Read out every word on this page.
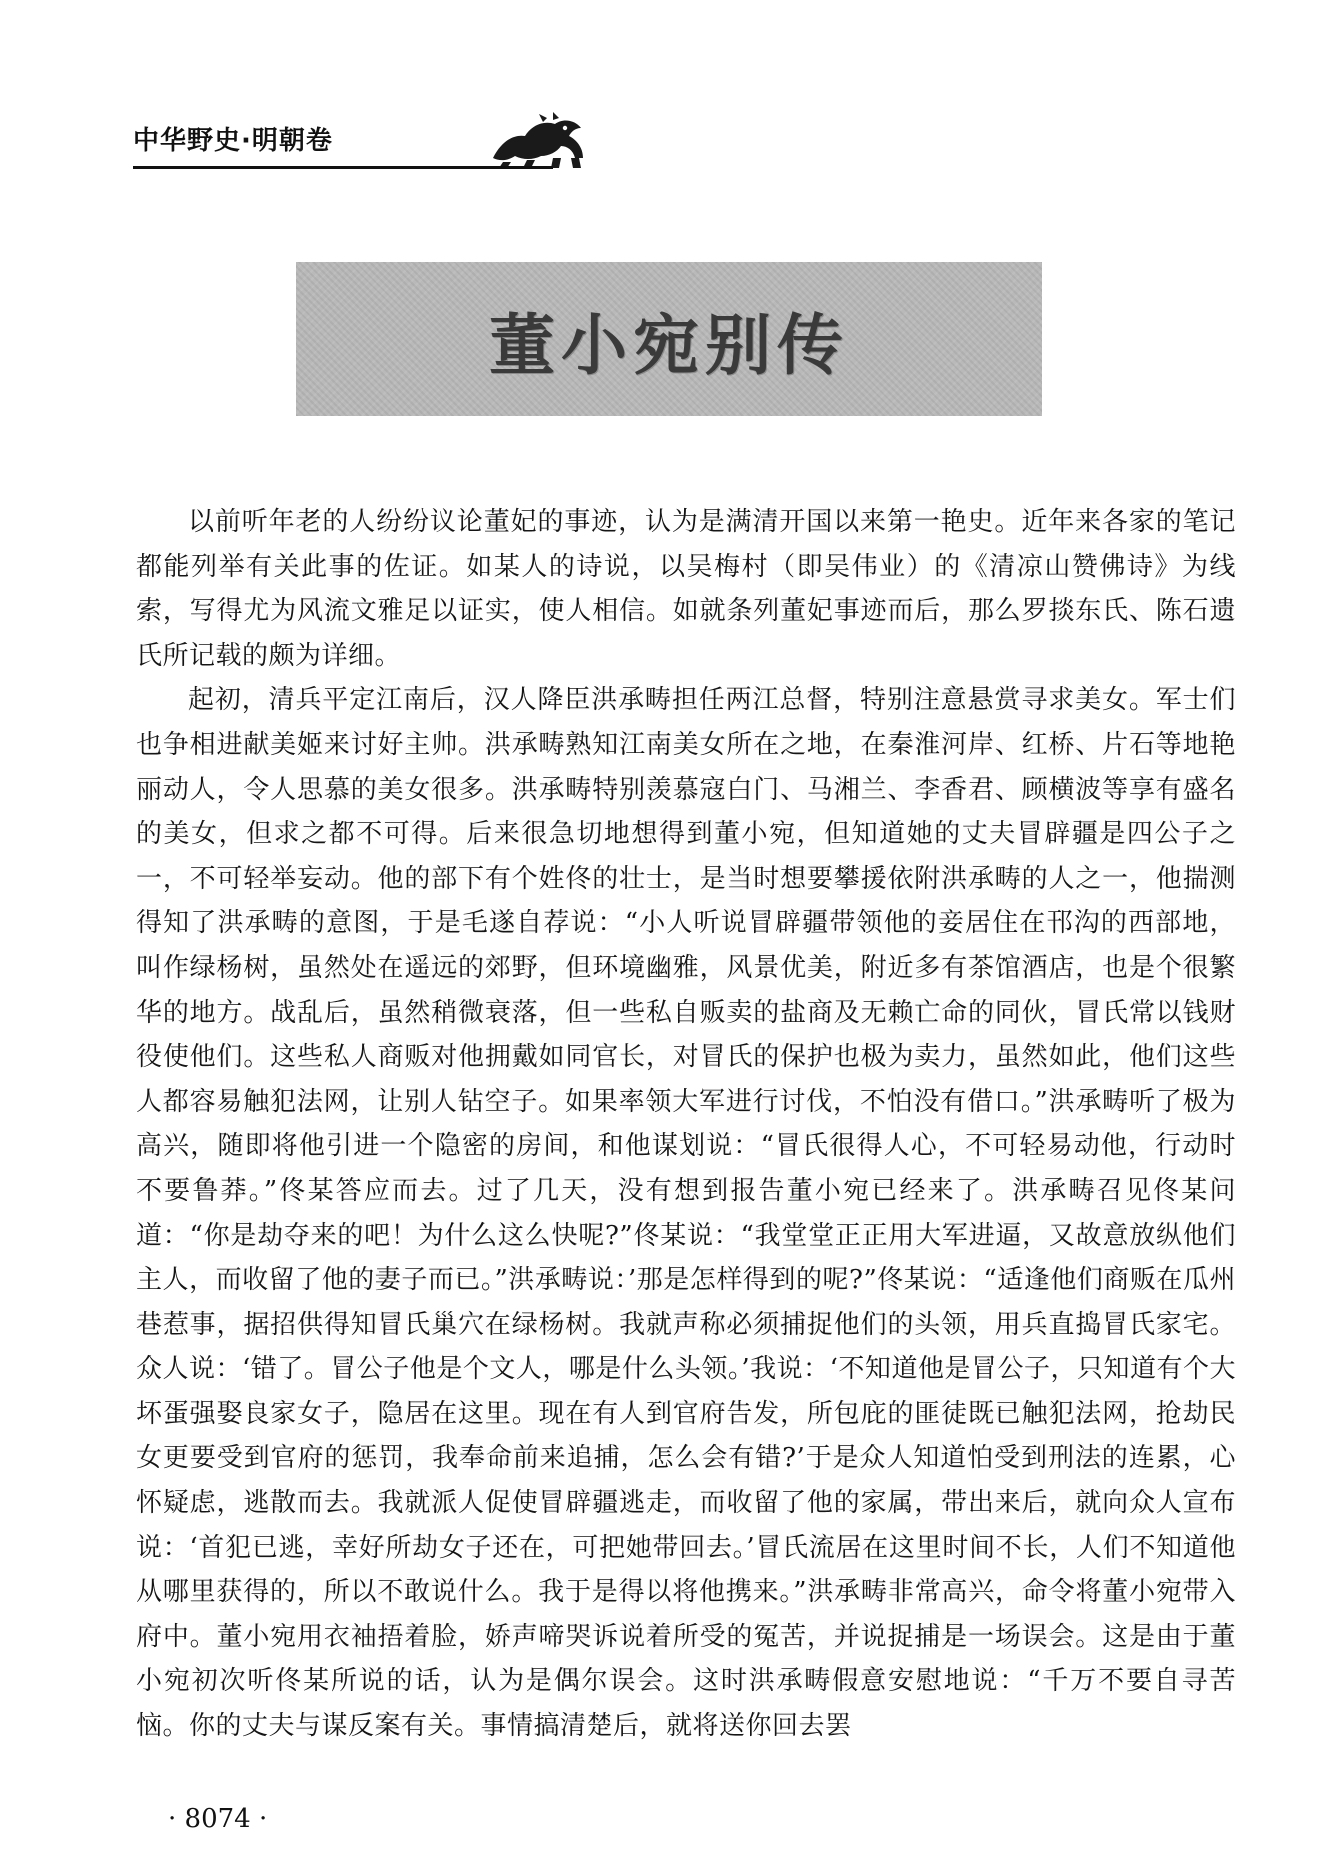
中华野史·明朝卷
董小宛别传

以前听年老的人纷纷议论董妃的事迹，认为是满清开国以来第一艳史。近年来各家的笔记都能列举有关此事的佐证。如某人的诗说，以吴梅村（即吴伟业）的《清凉山赞佛诗》为线索，写得尤为风流文雅足以证实，使人相信。如就条列董妃事迹而后，那么罗掞东氏、陈石遗氏所记载的颇为详细。

起初，清兵平定江南后，汉人降臣洪承畴担任两江总督，特别注意悬赏寻求美女。军士们也争相进献美姬来讨好主帅。洪承畴熟知江南美女所在之地，在秦淮河岸、红桥、片石等地艳丽动人，令人思慕的美女很多。洪承畴特别羡慕寇白门、马湘兰、李香君、顾横波等享有盛名的美女，但求之都不可得。后来很急切地想得到董小宛，但知道她的丈夫冒辟疆是四公子之一，不可轻举妄动。他的部下有个姓佟的壮士，是当时想要攀援依附洪承畴的人之一，他揣测得知了洪承畴的意图，于是毛遂自荐说：“小人听说冒辟疆带领他的妾居住在邗沟的西部地，叫作绿杨树，虽然处在遥远的郊野，但环境幽雅，风景优美，附近多有茶馆酒店，也是个很繁华的地方。战乱后，虽然稍微衰落，但一些私自贩卖的盐商及无赖亡命的同伙，冒氏常以钱财役使他们。这些私人商贩对他拥戴如同官长，对冒氏的保护也极为卖力，虽然如此，他们这些人都容易触犯法网，让别人钻空子。如果率领大军进行讨伐，不怕没有借口。”洪承畴听了极为高兴，随即将他引进一个隐密的房间，和他谋划说：“冒氏很得人心，不可轻易动他，行动时不要鲁莽。”佟某答应而去。过了几天，没有想到报告董小宛已经来了。洪承畴召见佟某问道：“你是劫夺来的吧！为什么这么快呢?”佟某说：“我堂堂正正用大军进逼，又故意放纵他们主人，而收留了他的妻子而已。”洪承畴说：’那是怎样得到的呢?”佟某说：“适逢他们商贩在瓜州巷惹事，据招供得知冒氏巢穴在绿杨树。我就声称必须捕捉他们的头领，用兵直捣冒氏家宅。众人说：‘错了。冒公子他是个文人，哪是什么头领。’我说：‘不知道他是冒公子，只知道有个大坏蛋强娶良家女子，隐居在这里。现在有人到官府告发，所包庇的匪徒既已触犯法网，抢劫民女更要受到官府的惩罚，我奉命前来追捕，怎么会有错?’于是众人知道怕受到刑法的连累，心怀疑虑，逃散而去。我就派人促使冒辟疆逃走，而收留了他的家属，带出来后，就向众人宣布说：‘首犯已逃，幸好所劫女子还在，可把她带回去。’冒氏流居在这里时间不长，人们不知道他从哪里获得的，所以不敢说什么。我于是得以将他携来。”洪承畴非常高兴，命令将董小宛带入府中。董小宛用衣袖捂着脸，娇声啼哭诉说着所受的冤苦，并说捉捕是一场误会。这是由于董小宛初次听佟某所说的话，认为是偶尔误会。这时洪承畴假意安慰地说：“千万不要自寻苦恼。你的丈夫与谋反案有关。事情搞清楚后，就将送你回去罢

· 8074 ·
